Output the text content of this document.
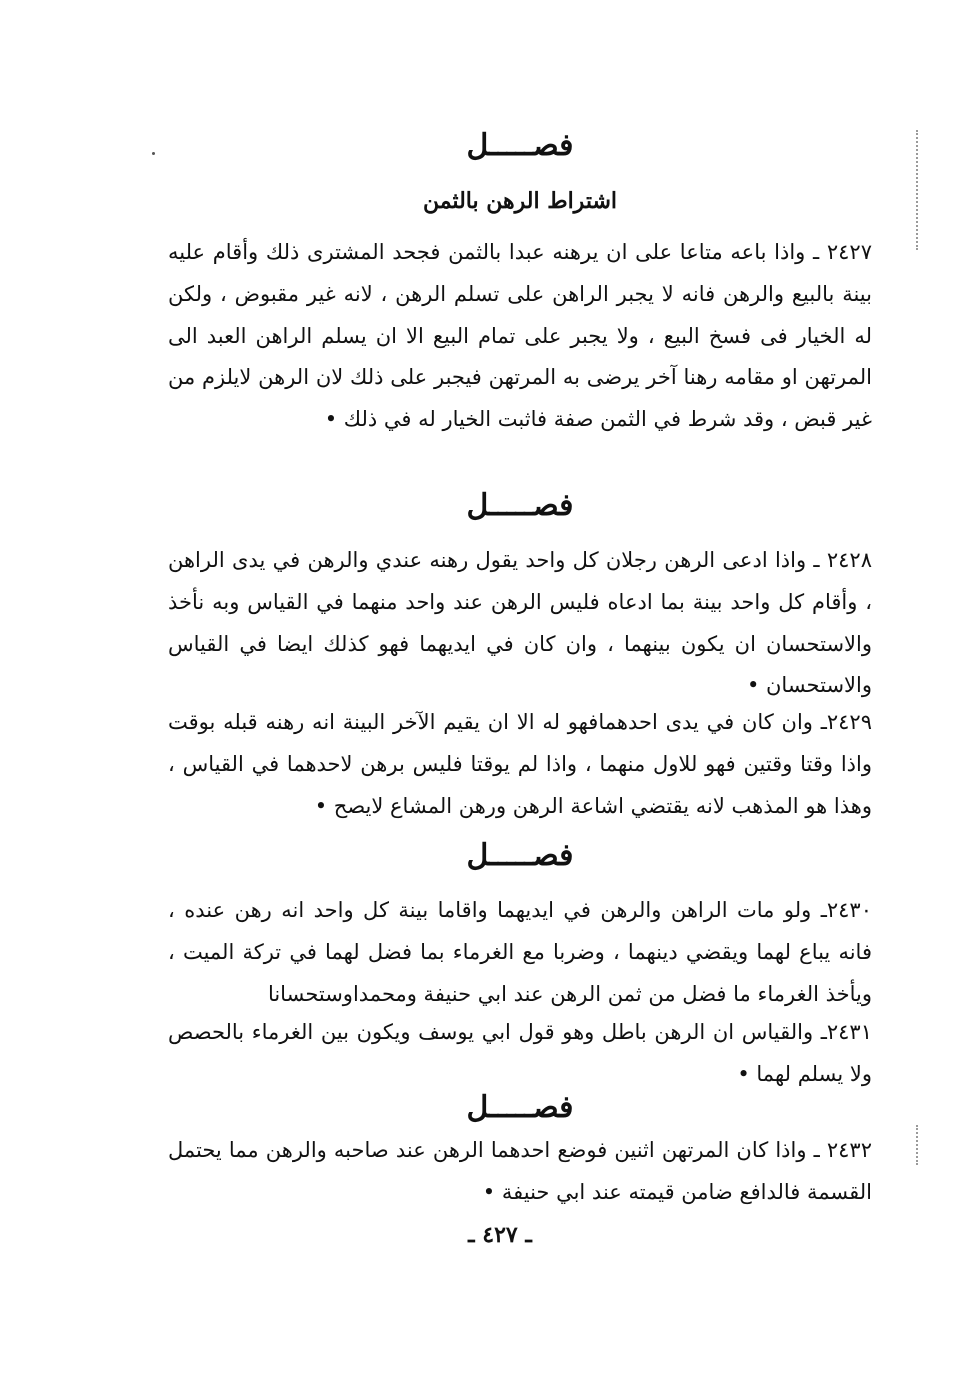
فصـــــل
اشتراط الرهن بالثمن
٢٤٢٧ ـ واذا باعه متاعا على ان يرهنه عبدا بالثمن فجحد المشترى ذلك وأقام عليه بينة بالبيع والرهن فانه لا يجبر الراهن على تسلم الرهن ، لانه غير مقبوض ، ولكن له الخيار فى فسخ البيع ، ولا يجبر على تمام البيع الا ان يسلم الراهن العبد الى المرتهن او مقامه رهنا آخر يرضى به المرتهن فيجبر على ذلك لان الرهن لايلزم من غير قبض ، وقد شرط في الثمن صفة فاثبت الخيار له في ذلك •
فصـــــل
٢٤٢٨ ـ واذا ادعى الرهن رجلان كل واحد يقول رهنه عندي والرهن في يدى الراهن ، وأقام كل واحد بينة بما ادعاه فليس الرهن عند واحد منهما في القياس وبه نأخذ والاستحسان ان يكون بينهما ، وان كان في ايديهما فهو كذلك ايضا في القياس والاستحسان •
٢٤٢٩ـ وان كان في يدى احدهمافهو له الا ان يقيم الآخر البينة انه رهنه قبله بوقت واذا وقتا وقتين فهو للاول منهما ، واذا لم يوقتا فليس برهن لاحدهما في القياس ، وهذا هو المذهب لانه يقتضي اشاعة الرهن ورهن المشاع لايصح •
فصـــــل
٢٤٣٠ـ ولو مات الراهن والرهن في ايديهما واقاما بينة كل واحد انه رهن عنده ، فانه يباع لهما ويقضي دينهما ، وضربا مع الغرماء بما فضل لهما في تركة الميت ، ويأخذ الغرماء ما فضل من ثمن الرهن عند ابي حنيفة ومحمداوستحسانا
٢٤٣١ـ والقياس ان الرهن باطل وهو قول ابي يوسف ويكون بين الغرماء بالحصص ولا يسلم لهما •
فصـــــل
٢٤٣٢ ـ واذا كان المرتهن اثنين فوضع احدهما الرهن عند صاحبه والرهن مما يحتمل القسمة فالدافع ضامن قيمته عند ابي حنيفة •
ـ ٤٢٧ ـ
